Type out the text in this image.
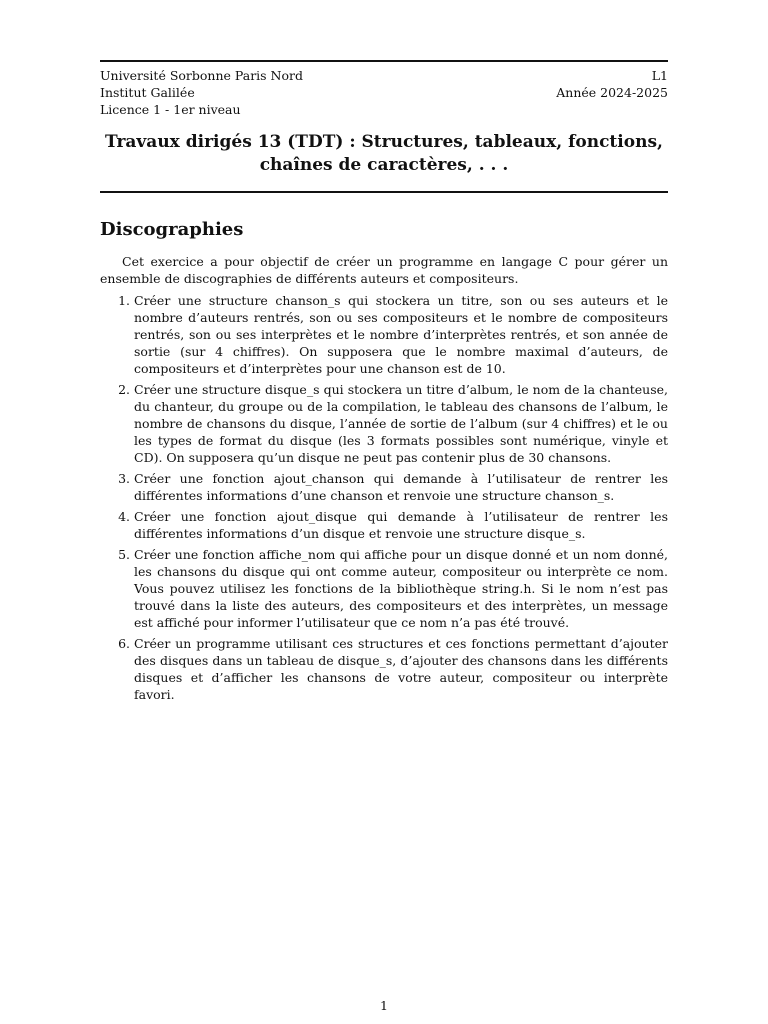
Université Sorbonne Paris Nord
Institut Galilée
Licence 1 - 1er niveau
L1
Année 2024-2025
Travaux dirigés 13 (TDT) : Structures, tableaux, fonctions,
chaînes de caractères, . . .
Discographies
Cet exercice a pour objectif de créer un programme en langage C pour gérer un ensemble de discographies de différents auteurs et compositeurs.
1. Créer une structure chanson_s qui stockera un titre, son ou ses auteurs et le nombre d’auteurs rentrés, son ou ses compositeurs et le nombre de compositeurs rentrés, son ou ses interprètes et le nombre d’interprètes rentrés, et son année de sortie (sur 4 chiffres). On supposera que le nombre maximal d’auteurs, de compositeurs et d’interprètes pour une chanson est de 10.
2. Créer une structure disque_s qui stockera un titre d’album, le nom de la chanteuse, du chanteur, du groupe ou de la compilation, le tableau des chansons de l’album, le nombre de chansons du disque, l’année de sortie de l’album (sur 4 chiffres) et le ou les types de format du disque (les 3 formats possibles sont numérique, vinyle et CD). On supposera qu’un disque ne peut pas contenir plus de 30 chansons.
3. Créer une fonction ajout_chanson qui demande à l’utilisateur de rentrer les différentes informations d’une chanson et renvoie une structure chanson_s.
4. Créer une fonction ajout_disque qui demande à l’utilisateur de rentrer les différentes informations d’un disque et renvoie une structure disque_s.
5. Créer une fonction affiche_nom qui affiche pour un disque donné et un nom donné, les chansons du disque qui ont comme auteur, compositeur ou interprète ce nom. Vous pouvez utilisez les fonctions de la bibliothèque string.h. Si le nom n’est pas trouvé dans la liste des auteurs, des compositeurs et des interprètes, un message est affiché pour informer l’utilisateur que ce nom n’a pas été trouvé.
6. Créer un programme utilisant ces structures et ces fonctions permettant d’ajouter des disques dans un tableau de disque_s, d’ajouter des chansons dans les différents disques et d’afficher les chansons de votre auteur, compositeur ou interprète favori.
1
